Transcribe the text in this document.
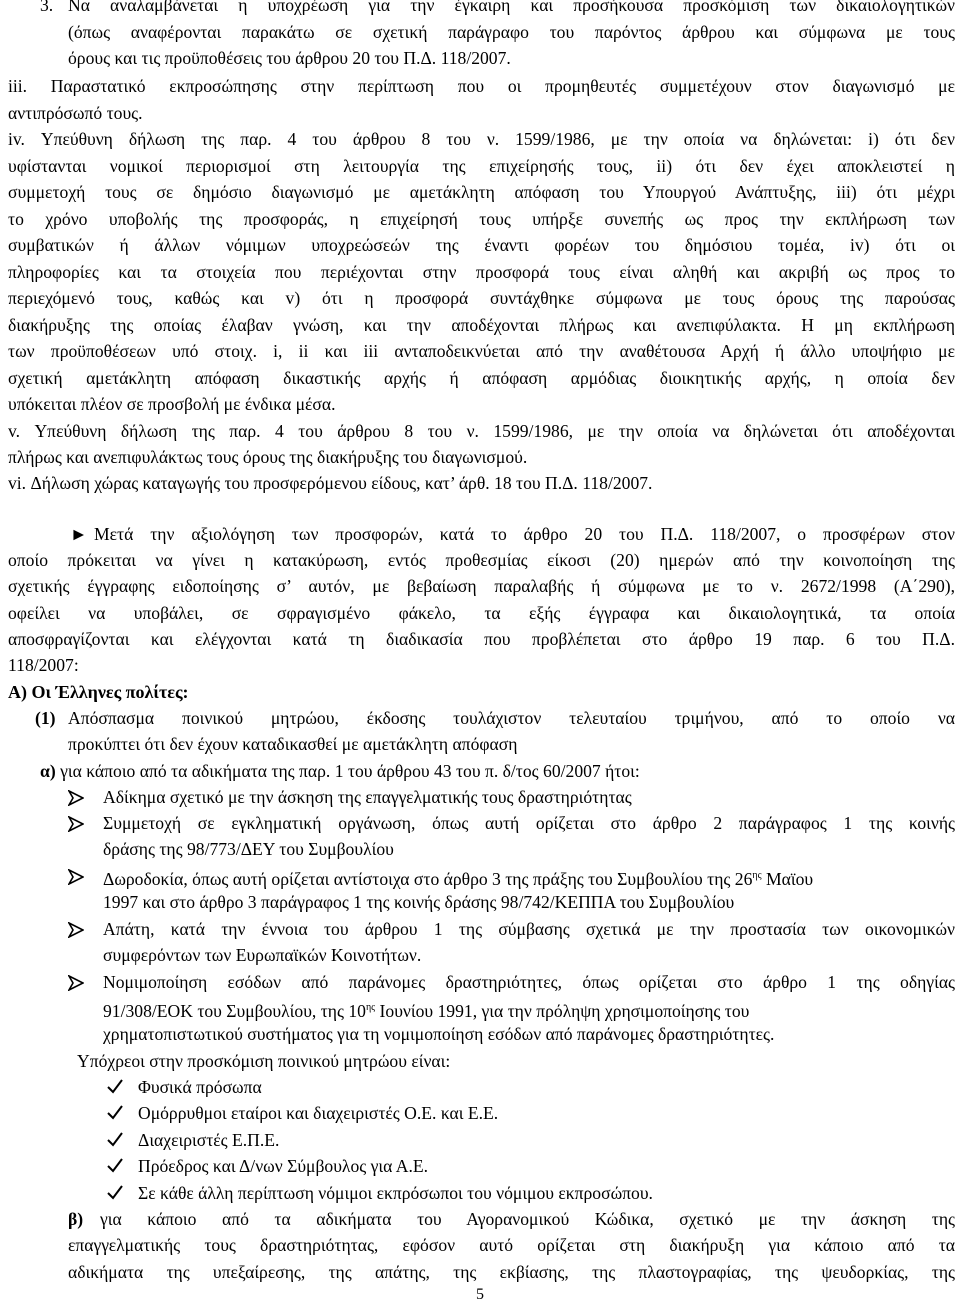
3. Να αναλαμβάνεται η υποχρέωση για την έγκαιρη και προσήκουσα προσκόμιση των δικαιολογητικών
(όπως αναφέρονται παρακάτω σε σχετική παράγραφο του παρόντος άρθρου και σύμφωνα με τους
όρους και τις προϋποθέσεις του άρθρου 20 του Π.Δ. 118/2007.
iii. Παραστατικό εκπροσώπησης στην περίπτωση που οι προμηθευτές συμμετέχουν στον διαγωνισμό με
αντιπρόσωπό τους.
iv. Υπεύθυνη δήλωση της παρ. 4 του άρθρου 8 του ν. 1599/1986, με την οποία να δηλώνεται: i) ότι δεν
υφίστανται νομικοί περιορισμοί στη λειτουργία της επιχείρησής τους, ii) ότι δεν έχει αποκλειστεί η
συμμετοχή τους σε δημόσιο διαγωνισμό με αμετάκλητη απόφαση του Υπουργού Ανάπτυξης, iii) ότι μέχρι
το χρόνο υποβολής της προσφοράς, η επιχείρησή τους υπήρξε συνεπής ως προς την εκπλήρωση των
συμβατικών ή άλλων νόμιμων υποχρεώσεών της έναντι φορέων του δημόσιου τομέα, iv) ότι οι
πληροφορίες και τα στοιχεία που περιέχονται στην προσφορά τους είναι αληθή και ακριβή ως προς το
περιεχόμενό τους, καθώς και v) ότι η προσφορά συντάχθηκε σύμφωνα με τους όρους της παρούσας
διακήρυξης της οποίας έλαβαν γνώση, και την αποδέχονται πλήρως και ανεπιφύλακτα. Η μη εκπλήρωση
των προϋποθέσεων υπό στοιχ. i, ii και iii ανταποδεικνύεται από την αναθέτουσα Αρχή ή άλλο υποψήφιο με
σχετική αμετάκλητη απόφαση δικαστικής αρχής ή απόφαση αρμόδιας διοικητικής αρχής, η οποία δεν
υπόκειται πλέον σε προσβολή με ένδικα μέσα.
v. Υπεύθυνη δήλωση της παρ. 4 του άρθρου 8 του ν. 1599/1986, με την οποία να δηλώνεται ότι αποδέχονται
πλήρως και ανεπιφυλάκτως τους όρους της διακήρυξης του διαγωνισμού.
vi. Δήλωση χώρας καταγωγής του προσφερόμενου είδους, κατ’ άρθ. 18 του Π.Δ. 118/2007.
► Μετά την αξιολόγηση των προσφορών, κατά το άρθρο 20 του Π.Δ. 118/2007, ο προσφέρων στον
οποίο πρόκειται να γίνει η κατακύρωση, εντός προθεσμίας είκοσι (20) ημερών από την κοινοποίηση της
σχετικής έγγραφης ειδοποίησης σ’ αυτόν, με βεβαίωση παραλαβής ή σύμφωνα με το ν. 2672/1998 (Α΄290),
οφείλει να υποβάλει, σε σφραγισμένο φάκελο, τα εξής έγγραφα και δικαιολογητικά, τα οποία
αποσφραγίζονται και ελέγχονται κατά τη διαδικασία που προβλέπεται στο άρθρο 19 παρ. 6 του Π.Δ.
118/2007:
Α) Οι Έλληνες πολίτες:
(1) Απόσπασμα ποινικού μητρώου, έκδοσης τουλάχιστον τελευταίου τριμήνου, από το οποίο να
προκύπτει ότι δεν έχουν καταδικασθεί με αμετάκλητη απόφαση
α) για κάποιο από τα αδικήματα της παρ. 1 του άρθρου 43 του π. δ/τος 60/2007 ήτοι:
Αδίκημα σχετικό με την άσκηση της επαγγελματικής τους δραστηριότητας
Συμμετοχή σε εγκληματική οργάνωση, όπως αυτή ορίζεται στο άρθρο 2 παράγραφος 1 της κοινής
δράσης της 98/773/ΔΕΥ του Συμβουλίου
Δωροδοκία, όπως αυτή ορίζεται αντίστοιχα στο άρθρο 3 της πράξης του Συμβουλίου της $26^{\eta\varsigma}$ Μαϊου
1997 και στο άρθρο 3 παράγραφος 1 της κοινής δράσης 98/742/ΚΕΠΠΑ του Συμβουλίου
Απάτη, κατά την έννοια του άρθρου 1 της σύμβασης σχετικά με την προστασία των οικονομικών
συμφερόντων των Ευρωπαϊκών Κοινοτήτων.
Νομιμοποίηση εσόδων από παράνομες δραστηριότητες, όπως ορίζεται στο άρθρο 1 της οδηγίας
91/308/ΕΟΚ του Συμβουλίου, της $10^{\eta\varsigma}$ Ιουνίου 1991, για την πρόληψη χρησιμοποίησης του
χρηματοπιστωτικού συστήματος για τη νομιμοποίηση εσόδων από παράνομες δραστηριότητες.
Υπόχρεοι στην προσκόμιση ποινικού μητρώου είναι:
Φυσικά πρόσωπα
Ομόρρυθμοι εταίροι και διαχειριστές Ο.Ε. και Ε.Ε.
Διαχειριστές Ε.Π.Ε.
Πρόεδρος και Δ/νων Σύμβουλος για Α.Ε.
Σε κάθε άλλη περίπτωση νόμιμοι εκπρόσωποι του νόμιμου εκπροσώπου.
β) για κάποιο από τα αδικήματα του Αγορανομικού Κώδικα, σχετικό με την άσκηση της
επαγγελματικής τους δραστηριότητας, εφόσον αυτό ορίζεται στη διακήρυξη για κάποιο από τα
αδικήματα της υπεξαίρεσης, της απάτης, της εκβίασης, της πλαστογραφίας, της ψευδορκίας, της
5
